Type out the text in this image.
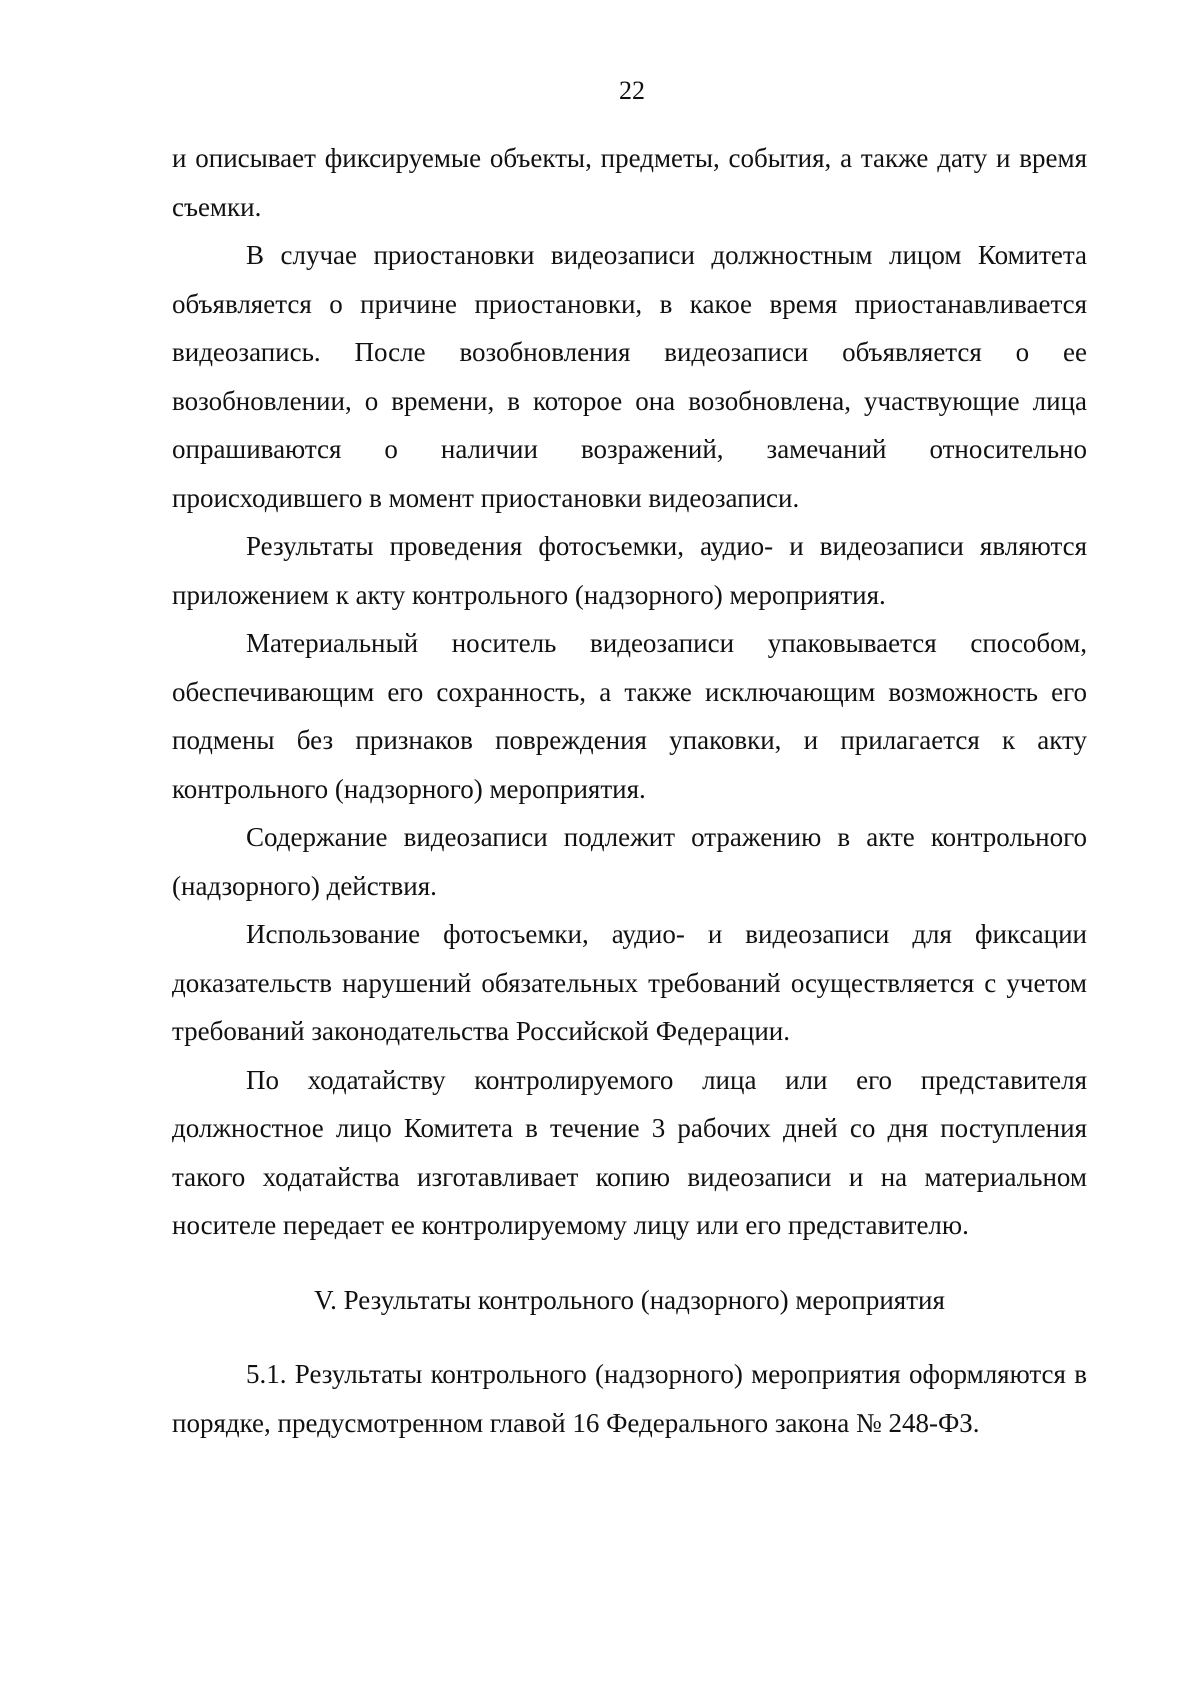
22

и описывает фиксируемые объекты, предметы, события, а также дату и время съемки.

В случае приостановки видеозаписи должностным лицом Комитета объявляется о причине приостановки, в какое время приостанавливается видеозапись. После возобновления видеозаписи объявляется о ее возобновлении, о времени, в которое она возобновлена, участвующие лица опрашиваются о наличии возражений, замечаний относительно происходившего в момент приостановки видеозаписи.

Результаты проведения фотосъемки, аудио- и видеозаписи являются приложением к акту контрольного (надзорного) мероприятия.

Материальный носитель видеозаписи упаковывается способом, обеспечивающим его сохранность, а также исключающим возможность его подмены без признаков повреждения упаковки, и прилагается к акту контрольного (надзорного) мероприятия.

Содержание видеозаписи подлежит отражению в акте контрольного (надзорного) действия.

Использование фотосъемки, аудио- и видеозаписи для фиксации доказательств нарушений обязательных требований осуществляется с учетом требований законодательства Российской Федерации.

По ходатайству контролируемого лица или его представителя должностное лицо Комитета в течение 3 рабочих дней со дня поступления такого ходатайства изготавливает копию видеозаписи и на материальном носителе передает ее контролируемому лицу или его представителю.

V. Результаты контрольного (надзорного) мероприятия

5.1. Результаты контрольного (надзорного) мероприятия оформляются в порядке, предусмотренном главой 16 Федерального закона № 248-ФЗ.
